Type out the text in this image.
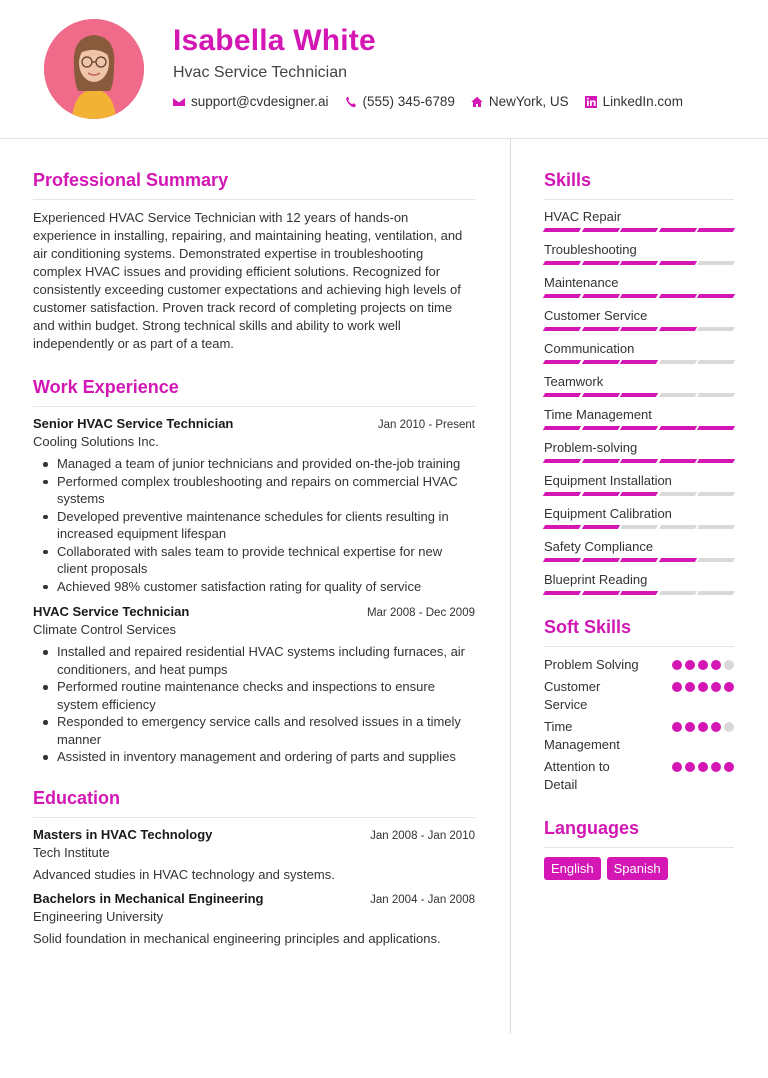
Isabella White
Hvac Service Technician
support@cvdesigner.ai	(555) 345-6789	NewYork, US	LinkedIn.com
Professional Summary

Experienced HVAC Service Technician with 12 years of hands-on experience in installing, repairing, and maintaining heating, ventilation, and air conditioning systems. Demonstrated expertise in troubleshooting complex HVAC issues and providing efficient solutions. Recognized for consistently exceeding customer expectations and achieving high levels of customer satisfaction. Proven track record of completing projects on time and within budget. Strong technical skills and ability to work well independently or as part of a team.

Work Experience
Senior HVAC Service Technician	Jan 2010 - Present
Cooling Solutions Inc.
Managed a team of junior technicians and provided on-the-job training
Performed complex troubleshooting and repairs on commercial HVAC systems
Developed preventive maintenance schedules for clients resulting in increased equipment lifespan
Collaborated with sales team to provide technical expertise for new client proposals
Achieved 98% customer satisfaction rating for quality of service
HVAC Service Technician	Mar 2008 - Dec 2009
Climate Control Services
Installed and repaired residential HVAC systems including furnaces, air conditioners, and heat pumps
Performed routine maintenance checks and inspections to ensure system efficiency
Responded to emergency service calls and resolved issues in a timely manner
Assisted in inventory management and ordering of parts and supplies
Education
Masters in HVAC Technology	Jan 2008 - Jan 2010
Tech Institute
Advanced studies in HVAC technology and systems.
Bachelors in Mechanical Engineering	Jan 2004 - Jan 2008
Engineering University
Solid foundation in mechanical engineering principles and applications.
Skills
HVAC Repair
Troubleshooting
Maintenance
Customer Service
Communication
Teamwork
Time Management
Problem-solving
Equipment Installation
Equipment Calibration
Safety Compliance
Blueprint Reading
Soft Skills
Problem Solving
Customer Service
Time Management
Attention to Detail
Languages
English	Spanish
